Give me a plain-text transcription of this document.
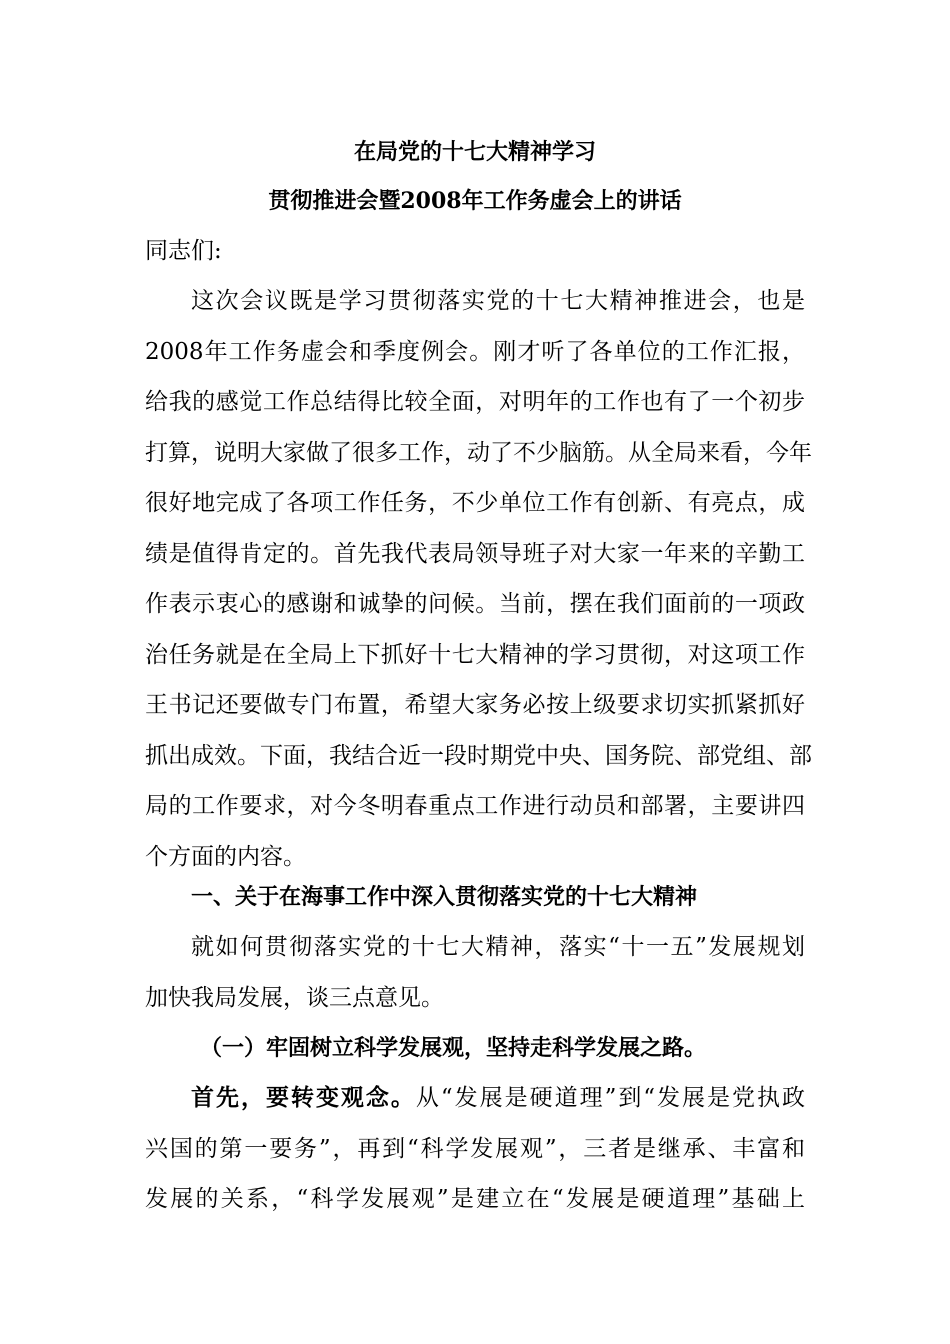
在局党的十七大精神学习
贯彻推进会暨2008年工作务虚会上的讲话
同志们:
这次会议既是学习贯彻落实党的十七大精神推进会，也是
2008年工作务虚会和季度例会。刚才听了各单位的工作汇报，
给我的感觉工作总结得比较全面，对明年的工作也有了一个初步
打算，说明大家做了很多工作，动了不少脑筋。从全局来看，今年
很好地完成了各项工作任务，不少单位工作有创新、有亮点，成
绩是值得肯定的。首先我代表局领导班子对大家一年来的辛勤工
作表示衷心的感谢和诚挚的问候。当前，摆在我们面前的一项政
治任务就是在全局上下抓好十七大精神的学习贯彻，对这项工作
王书记还要做专门布置，希望大家务必按上级要求切实抓紧抓好
抓出成效。下面，我结合近一段时期党中央、国务院、部党组、部
局的工作要求，对今冬明春重点工作进行动员和部署，主要讲四
个方面的内容。
一、关于在海事工作中深入贯彻落实党的十七大精神
就如何贯彻落实党的十七大精神，落实“十一五”发展规划
加快我局发展，谈三点意见。
（一）牢固树立科学发展观，坚持走科学发展之路。
首先，要转变观念。从“发展是硬道理”到“发展是党执政
兴国的第一要务”，再到“科学发展观”，三者是继承、丰富和
发展的关系，“科学发展观”是建立在“发展是硬道理”基础上
